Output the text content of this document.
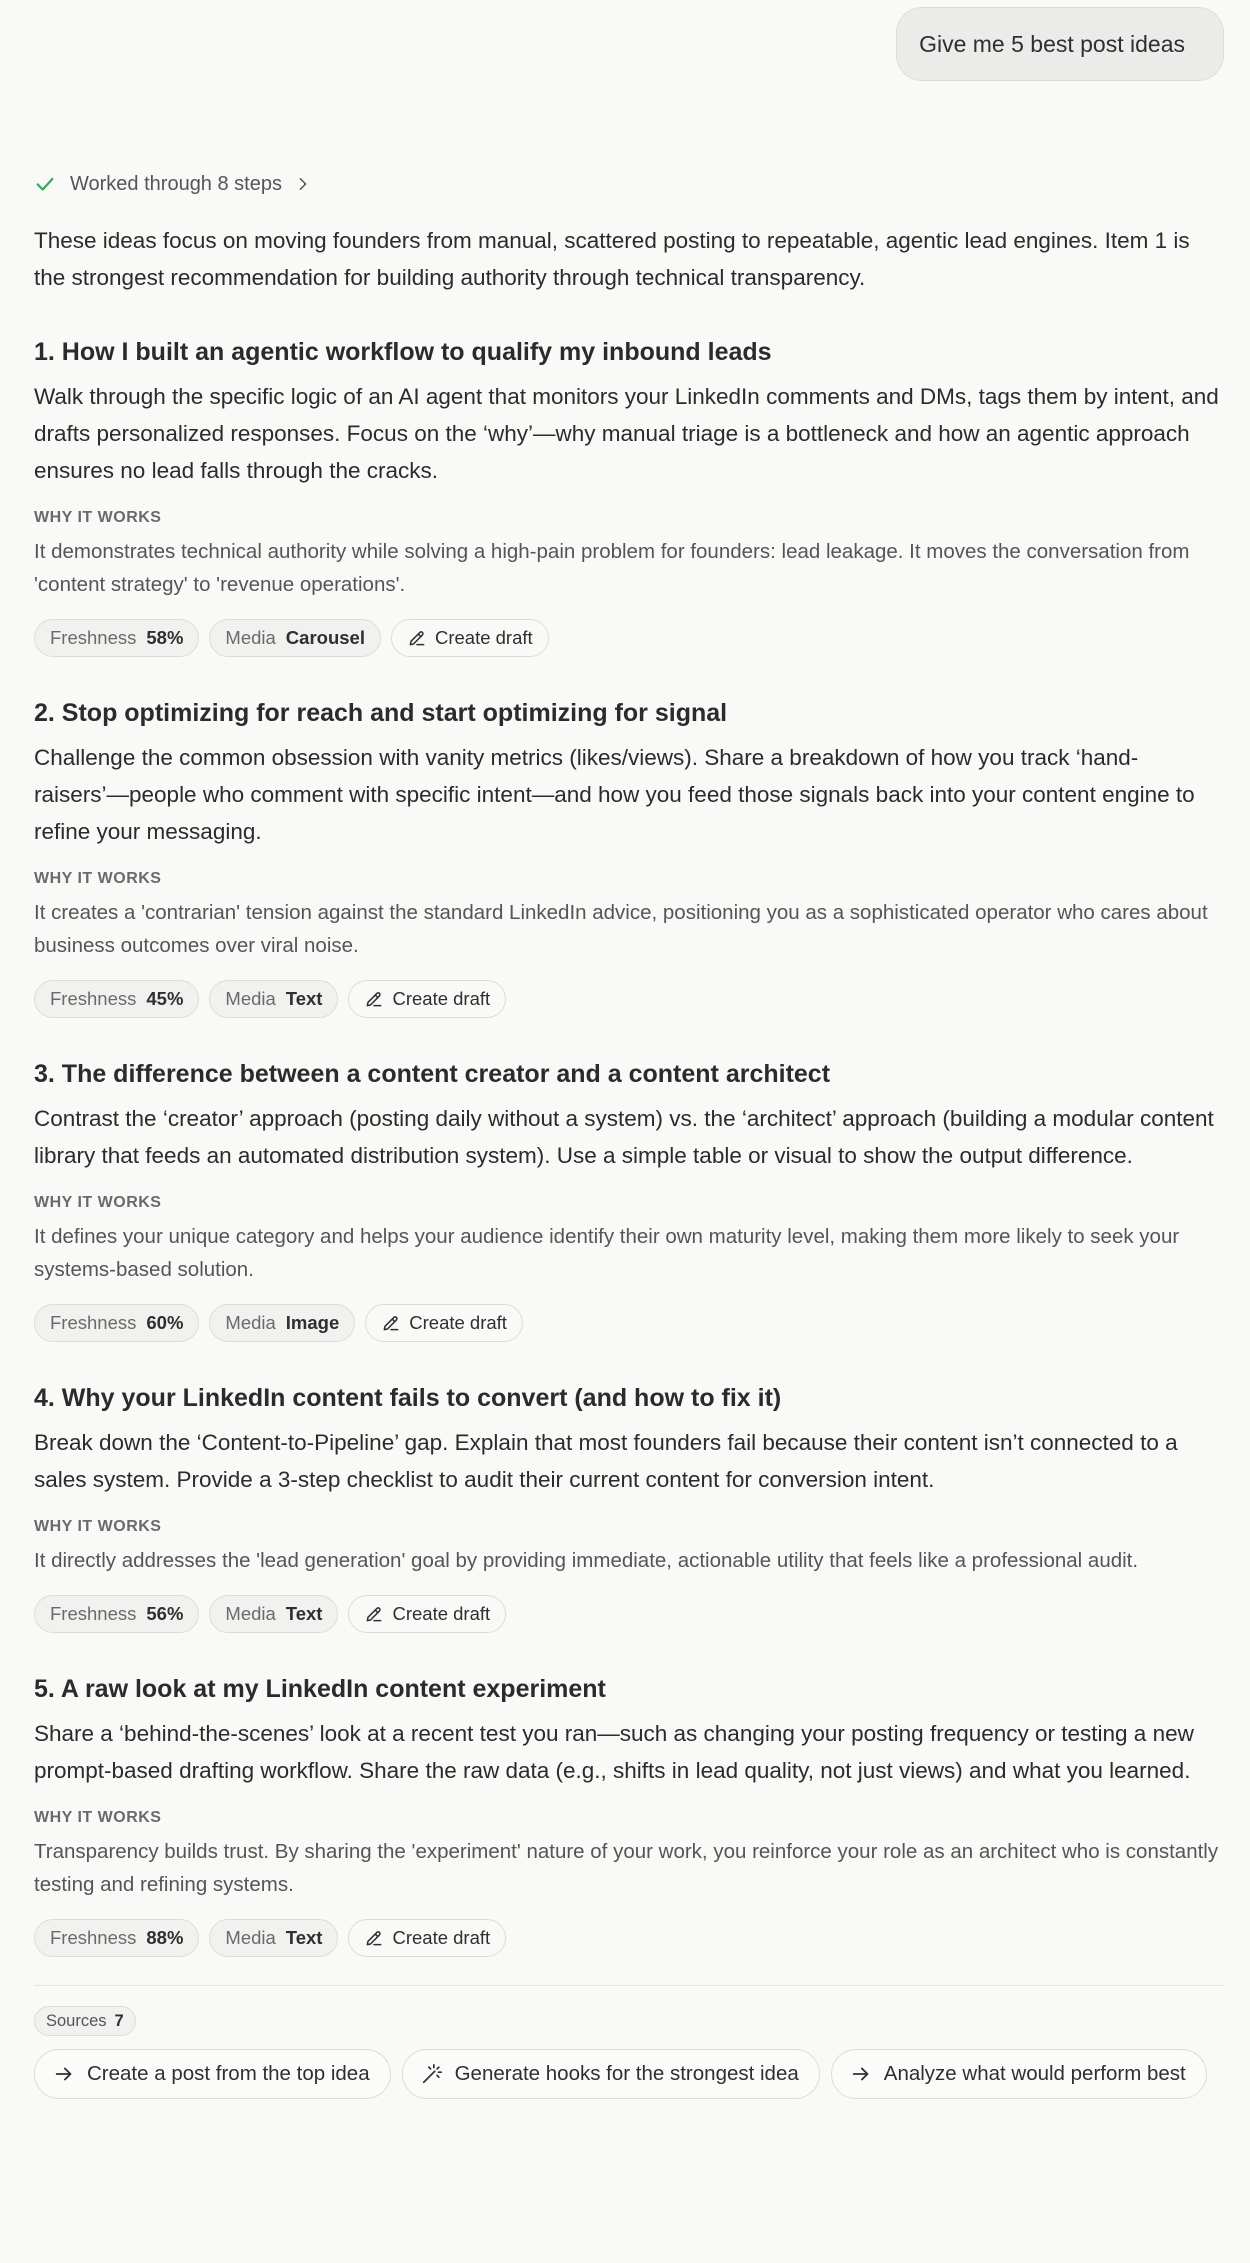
Give me 5 best post ideas
Worked through 8 steps

These ideas focus on moving founders from manual, scattered posting to repeatable, agentic lead engines. Item 1 is the strongest recommendation for building authority through technical transparency.

1. How I built an agentic workflow to qualify my inbound leads

Walk through the specific logic of an AI agent that monitors your LinkedIn comments and DMs, tags them by intent, and drafts personalized responses. Focus on the ‘why’—why manual triage is a bottleneck and how an agentic approach ensures no lead falls through the cracks.

WHY IT WORKS

It demonstrates technical authority while solving a high-pain problem for founders: lead leakage. It moves the conversation from 'content strategy' to 'revenue operations'.

Freshness 58% Media Carousel	Create draft
2. Stop optimizing for reach and start optimizing for signal

Challenge the common obsession with vanity metrics (likes/views). Share a breakdown of how you track ‘hand-raisers’—people who comment with specific intent—and how you feed those signals back into your content engine to refine your messaging.

WHY IT WORKS

It creates a 'contrarian' tension against the standard LinkedIn advice, positioning you as a sophisticated operator who cares about business outcomes over viral noise.

Freshness 45% Media Text	Create draft
3. The difference between a content creator and a content architect

Contrast the ‘creator’ approach (posting daily without a system) vs. the ‘architect’ approach (building a modular content library that feeds an automated distribution system). Use a simple table or visual to show the output difference.

WHY IT WORKS

It defines your unique category and helps your audience identify their own maturity level, making them more likely to seek your systems-based solution.

Freshness 60% Media Image	Create draft
4. Why your LinkedIn content fails to convert (and how to fix it)

Break down the ‘Content-to-Pipeline’ gap. Explain that most founders fail because their content isn’t connected to a sales system. Provide a 3-step checklist to audit their current content for conversion intent.

WHY IT WORKS

It directly addresses the 'lead generation' goal by providing immediate, actionable utility that feels like a professional audit.

Freshness 56% Media Text	Create draft
5. A raw look at my LinkedIn content experiment

Share a ‘behind-the-scenes’ look at a recent test you ran—such as changing your posting frequency or testing a new prompt-based drafting workflow. Share the raw data (e.g., shifts in lead quality, not just views) and what you learned.

WHY IT WORKS

Transparency builds trust. By sharing the 'experiment' nature of your work, you reinforce your role as an architect who is constantly testing and refining systems.

Freshness 88% Media Text	Create draft
Sources 7
Create a post from the top idea	Generate hooks for the strongest idea	Analyze what would perform best
